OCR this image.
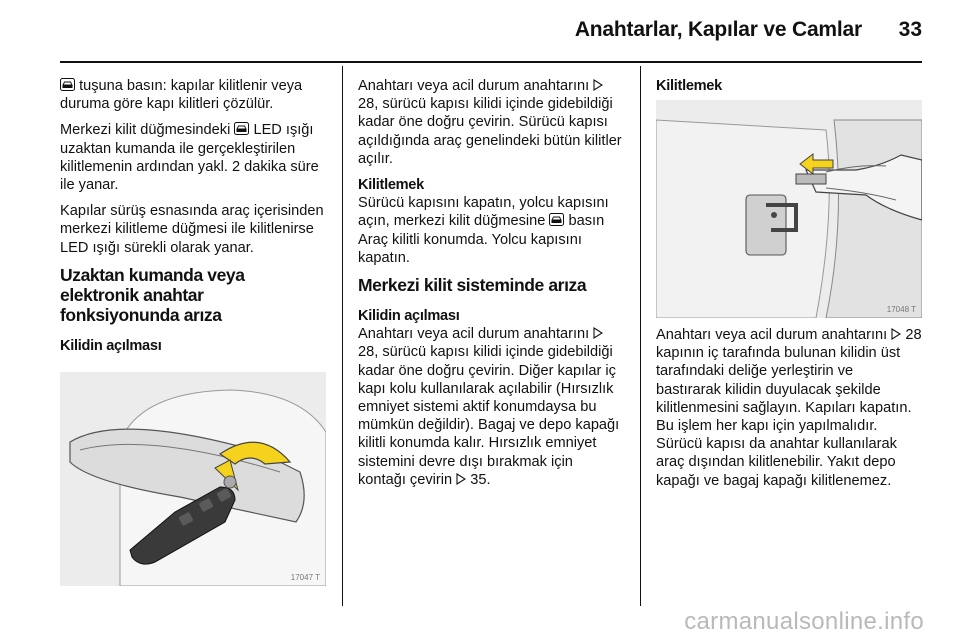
Anahtarlar, Kapılar ve Camlar 33

tuşuna basın: kapılar kilitlenir veya duruma göre kapı kilitleri çözülür.

Merkezi kilit düğmesindeki LED ışığı uzaktan kumanda ile gerçekleştirilen kilitlemenin ardından yakl. 2 dakika süre ile yanar.

Kapılar sürüş esnasında araç içerisinden merkezi kilitleme düğmesi ile kilitlenirse LED ışığı sürekli olarak yanar.

Uzaktan kumanda veya elektronik anahtar fonksiyonunda arıza
Kilidin açılması
17047 T

Anahtarı veya acil durum anahtarını  28, sürücü kapısı kilidi içinde gidebildiği kadar öne doğru çevirin. Sürücü kapısı açıldığında araç genelindeki bütün kilitler açılır.

Kilitlemek

Sürücü kapısını kapatın, yolcu kapısını açın, merkezi kilit düğmesine basın Araç kilitli konumda. Yolcu kapısını kapatın.

Merkezi kilit sisteminde arıza
Kilidin açılması

Anahtarı veya acil durum anahtarını  28, sürücü kapısı kilidi içinde gidebildiği kadar öne doğru çevirin. Diğer kapılar iç kapı kolu kullanılarak açılabilir (Hırsızlık emniyet sistemi aktif konumdaysa bu mümkün değildir). Bagaj ve depo kapağı kilitli konumda kalır. Hırsızlık emniyet sistemini devre dışı bırakmak için kontağı çevirin 35.

Kilitlemek
17048 T

Anahtarı veya acil durum anahtarını 28 kapının iç tarafında bulunan kilidin üst tarafındaki deliğe yerleştirin ve bastırarak kilidin duyulacak şekilde kilitlenmesini sağlayın. Kapıları kapatın. Bu işlem her kapı için yapılmalıdır. Sürücü kapısı da anahtar kullanılarak araç dışından kilitlenebilir. Yakıt depo kapağı ve bagaj kapağı kilitlenemez.

carmanualsonline.info
